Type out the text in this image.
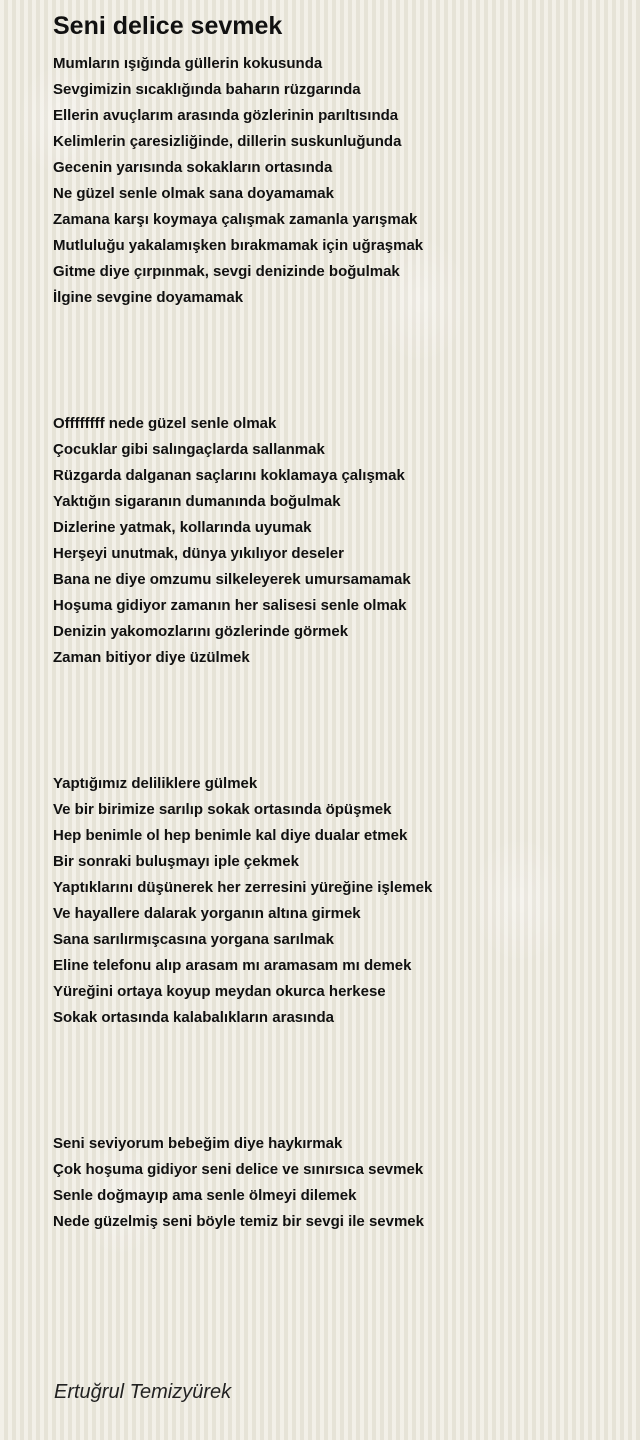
Seni delice sevmek
Mumların ışığında güllerin kokusunda
Sevgimizin sıcaklığında baharın rüzgarında
Ellerin avuçlarım arasında gözlerinin parıltısında
Kelimlerin çaresizliğinde, dillerin suskunluğunda
Gecenin yarısında sokakların ortasında
Ne güzel senle olmak sana doyamamak
Zamana karşı koymaya çalışmak zamanla yarışmak
Mutluluğu yakalamışken bırakmamak için uğraşmak
Gitme diye çırpınmak, sevgi denizinde boğulmak
İlgine sevgine doyamamak
Offffffff nede güzel senle olmak
Çocuklar gibi salıngaçlarda sallanmak
Rüzgarda dalganan saçlarını koklamaya çalışmak
Yaktığın sigaranın dumanında boğulmak
Dizlerine yatmak, kollarında uyumak
Herşeyi unutmak, dünya yıkılıyor deseler
Bana ne diye omzumu silkeleyerek umursamamak
Hoşuma gidiyor zamanın her salisesi senle olmak
Denizin yakomozlarını gözlerinde görmek
Zaman bitiyor diye üzülmek
Yaptığımız deliliklere gülmek
Ve bir birimize sarılıp sokak ortasında öpüşmek
Hep benimle ol hep benimle kal diye dualar etmek
Bir sonraki buluşmayı iple çekmek
Yaptıklarını düşünerek her zerresini yüreğine işlemek
Ve hayallere dalarak yorganın altına girmek
Sana sarılırmışcasına yorgana sarılmak
Eline telefonu alıp arasam mı aramasam mı demek
Yüreğini ortaya koyup meydan okurca herkese
Sokak ortasında kalabalıkların arasında
Seni seviyorum bebeğim diye haykırmak
Çok hoşuma gidiyor seni delice ve sınırsıca sevmek
Senle doğmayıp ama senle ölmeyi dilemek
Nede güzelmiş seni böyle temiz bir sevgi ile sevmek

Ertuğrul Temizyürek
